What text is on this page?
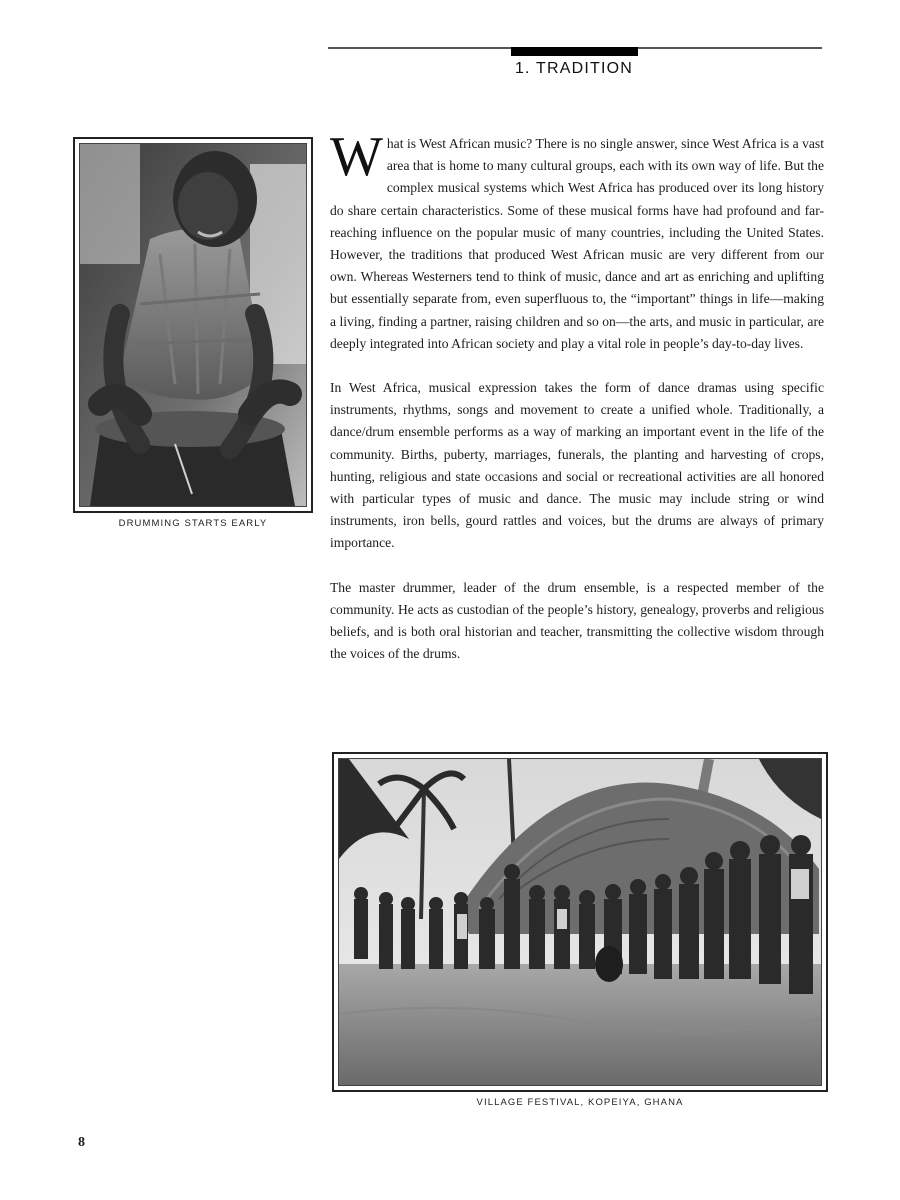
1. TRADITION
DRUMMING STARTS EARLY

What is West African music? There is no single answer, since West Africa is a vast area that is home to many cultural groups, each with its own way of life. But the complex musical systems which West Africa has produced over its long history do share certain characteristics. Some of these musical forms have had profound and far-reaching influence on the popular music of many countries, including the United States. However, the traditions that produced West African music are very different from our own. Whereas Westerners tend to think of music, dance and art as enriching and uplifting but essentially separate from, even superfluous to, the “important” things in life—making a living, finding a partner, raising children and so on—the arts, and music in particular, are deeply integrated into African society and play a vital role in people’s day-to-day lives.

In West Africa, musical expression takes the form of dance dramas using specific instruments, rhythms, songs and movement to create a unified whole. Traditionally, a dance/drum ensemble performs as a way of marking an important event in the life of the community. Births, puberty, marriages, funerals, the planting and harvesting of crops, hunting, religious and state occasions and social or recreational activities are all honored with particular types of music and dance. The music may include string or wind instruments, iron bells, gourd rattles and voices, but the drums are always of primary importance.

The master drummer, leader of the drum ensemble, is a respected member of the community. He acts as custodian of the people’s history, genealogy, proverbs and religious beliefs, and is both oral historian and teacher, transmitting the collective wisdom through the voices of the drums.

VILLAGE FESTIVAL, KOPEIYA, GHANA
8
